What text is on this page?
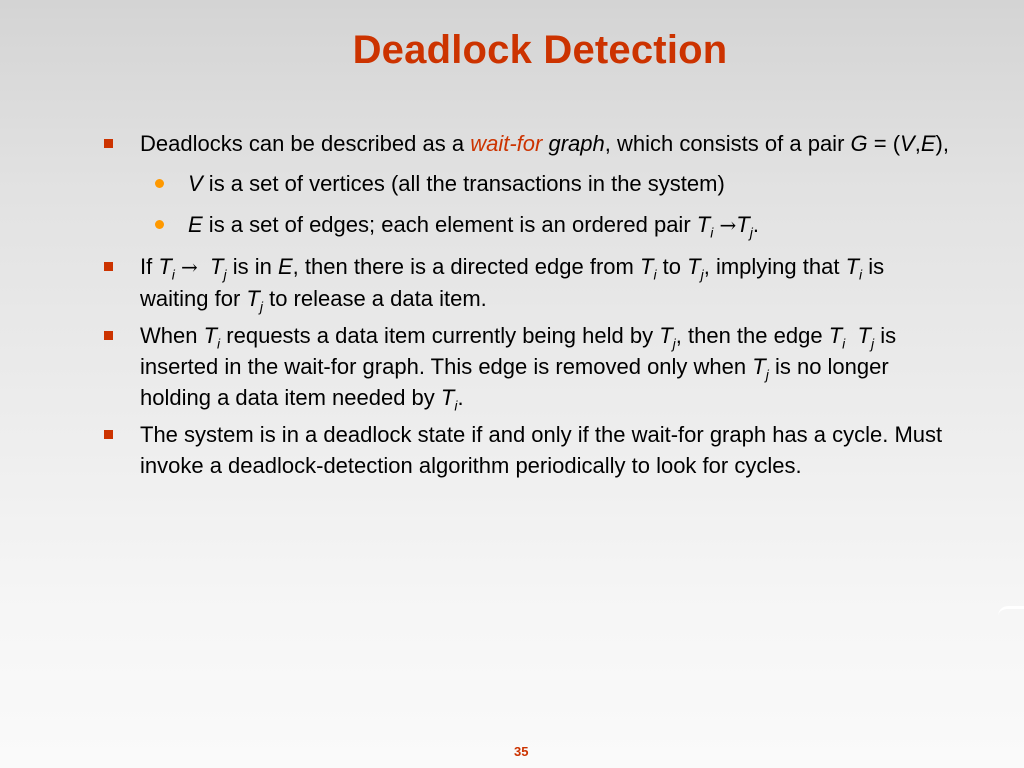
Deadlock Detection
Deadlocks can be described as a wait-for graph, which consists of a pair G = (V,E),
V is a set of vertices (all the transactions in the system)
E is a set of edges; each element is an ordered pair $T_i \to T_j$.
If $T_i \to T_j$ is in E, then there is a directed edge from $T_i$ to $T_j$, implying that $T_i$ is waiting for $T_j$ to release a data item.
When $T_i$ requests a data item currently being held by $T_j$, then the edge $T_i$ $T_j$ is inserted in the wait-for graph. This edge is removed only when $T_j$ is no longer holding a data item needed by $T_i$.
The system is in a deadlock state if and only if the wait-for graph has a cycle. Must invoke a deadlock-detection algorithm periodically to look for cycles.
35
